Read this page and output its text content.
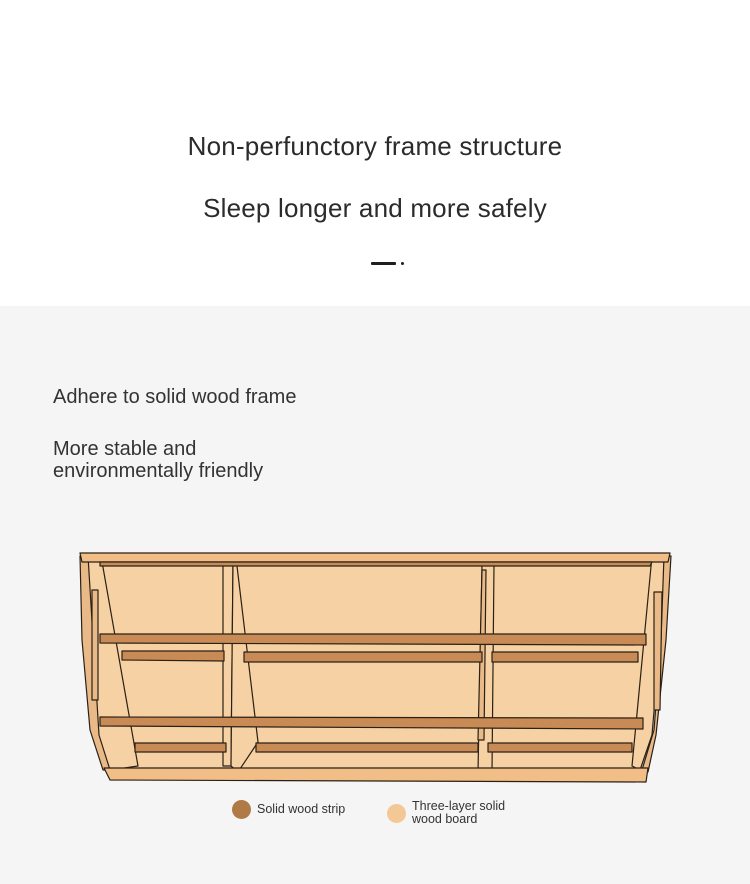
Non-perfunctory frame structure
Sleep longer and more safely
Adhere to solid wood frame
More stable and environmentally friendly
Solid wood strip	Three-layer solid wood board
